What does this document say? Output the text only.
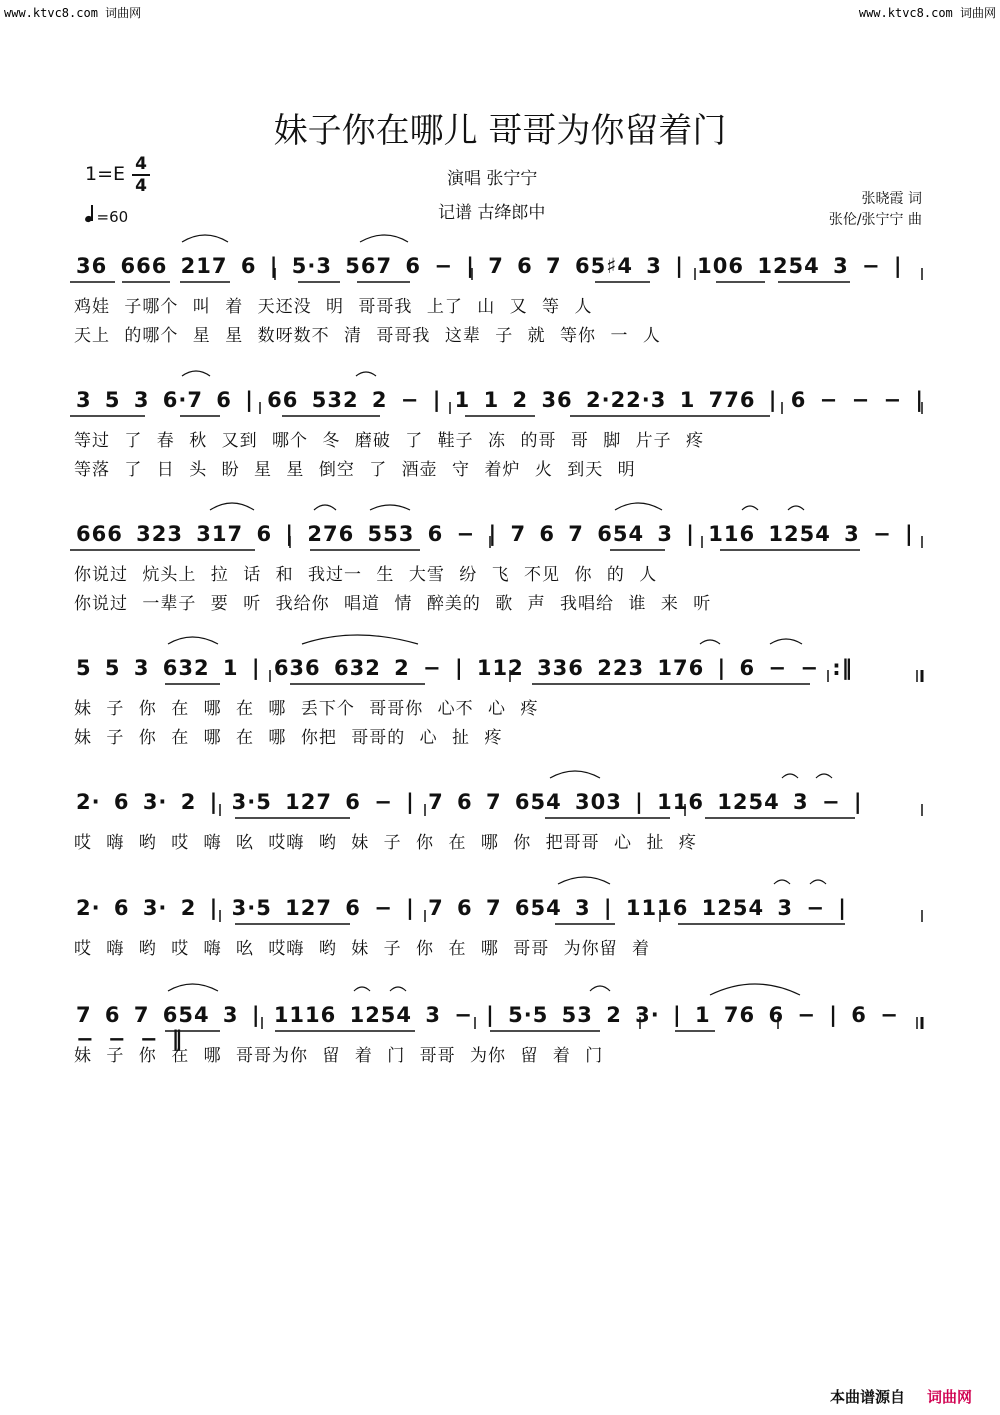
www.ktvc8.com 词曲网	www.ktvc8.com 词曲网
妹子你在哪儿 哥哥为你留着门
1=E 4
4
=60
演唱 张宁宁
记谱 古绛郎中
张晓霞 词
张伦/张宁宁 曲
36 666 217 6 | 5·3 567 6 − | 7 6 7 65♯4 3 | 106 1254 3 − |
鸡娃 子哪个 叫 着 天还没 明 哥哥我 上了 山 又 等 人
天上 的哪个 星 星 数呀数不 清 哥哥我 这辈 子 就 等你 一 人
3 5 3 6·7 6 | 66 532 2 − | 1 1 2 36 2·22·3 1 776 | 6 − − − |
等过 了 春 秋 又到 哪个 冬 磨破 了 鞋子 冻 的哥 哥 脚 片子 疼
等落 了 日 头 盼 星 星 倒空 了 酒壶 守 着炉 火 到天 明
666 323 317 6 | 276 553 6 − | 7 6 7 654 3 | 116 1254 3 − |
你说过 炕头上 拉 话 和 我过一 生 大雪 纷 飞 不见 你 的 人
你说过 一辈子 要 听 我给你 唱道 情 醉美的 歌 声 我唱给 谁 来 听
5 5 3 632 1 | 636 632 2 − | 112 336 223 176 | 6 − − :‖
妹 子 你 在 哪 在 哪 丢下个 哥哥你 心不 心 疼
妹 子 你 在 哪 在 哪 你把 哥哥的 心 扯 疼
2· 6 3· 2 | 3·5 127 6 − | 7 6 7 654 303 | 116 1254 3 − |
哎 嗨 哟 哎 嗨 吆 哎嗨 哟 妹 子 你 在 哪 你 把哥哥 心 扯 疼
2· 6 3· 2 | 3·5 127 6 − | 7 6 7 654 3 | 1116 1254 3 − |
哎 嗨 哟 哎 嗨 吆 哎嗨 哟 妹 子 你 在 哪 哥哥 为你留 着
7 6 7 654 3 | 1116 1254 3 − | 5·5 53 2 3· | 1 76 6 − | 6 − − − − ‖
妹 子 你 在 哪 哥哥为你 留 着 门 哥哥 为你 留 着 门
本曲谱源自 词曲网
